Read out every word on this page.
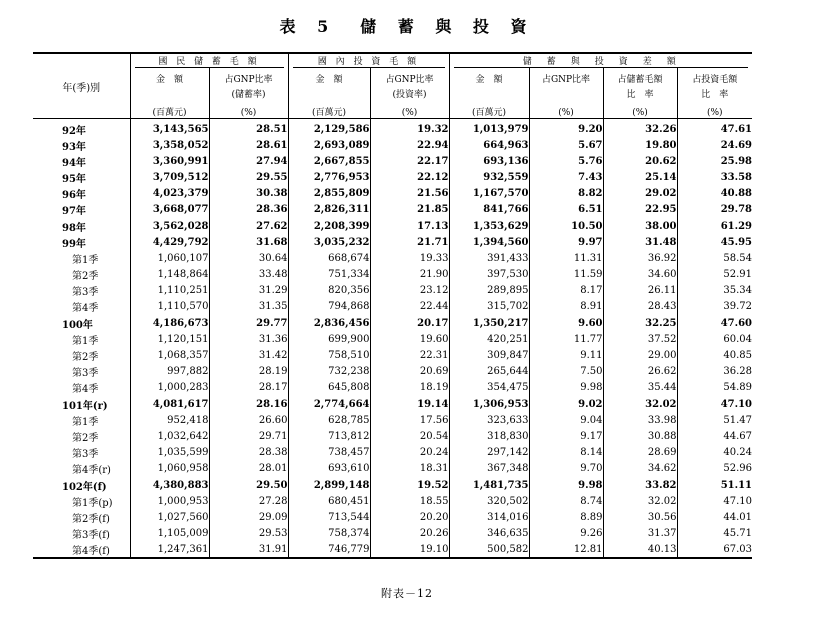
表 5　儲 蓄 與 投 資
年(季)別	國 民 儲 蓄 毛 額		國 內 投 資 毛 額		儲　蓄　與　投　資　差　額			

	金　額	占GNP比率	金　額	占GNP比率	金　額	占GNP比率	占儲蓄毛額	占投資毛額
		(儲蓄率)		(投資率)			比　率	比　率
	(百萬元)	(%)	(百萬元)	(%)	(百萬元)	(%)	(%)	(%)
92年	3,143,565	28.51	2,129,586	19.32	1,013,979	9.20	32.26	47.61
93年	3,358,052	28.61	2,693,089	22.94	664,963	5.67	19.80	24.69
94年	3,360,991	27.94	2,667,855	22.17	693,136	5.76	20.62	25.98
95年	3,709,512	29.55	2,776,953	22.12	932,559	7.43	25.14	33.58
96年	4,023,379	30.38	2,855,809	21.56	1,167,570	8.82	29.02	40.88
97年	3,668,077	28.36	2,826,311	21.85	841,766	6.51	22.95	29.78
98年	3,562,028	27.62	2,208,399	17.13	1,353,629	10.50	38.00	61.29
99年	4,429,792	31.68	3,035,232	21.71	1,394,560	9.97	31.48	45.95
第1季	1,060,107	30.64	668,674	19.33	391,433	11.31	36.92	58.54
第2季	1,148,864	33.48	751,334	21.90	397,530	11.59	34.60	52.91
第3季	1,110,251	31.29	820,356	23.12	289,895	8.17	26.11	35.34
第4季	1,110,570	31.35	794,868	22.44	315,702	8.91	28.43	39.72
100年	4,186,673	29.77	2,836,456	20.17	1,350,217	9.60	32.25	47.60
第1季	1,120,151	31.36	699,900	19.60	420,251	11.77	37.52	60.04
第2季	1,068,357	31.42	758,510	22.31	309,847	9.11	29.00	40.85
第3季	997,882	28.19	732,238	20.69	265,644	7.50	26.62	36.28
第4季	1,000,283	28.17	645,808	18.19	354,475	9.98	35.44	54.89
101年(r)	4,081,617	28.16	2,774,664	19.14	1,306,953	9.02	32.02	47.10
第1季	952,418	26.60	628,785	17.56	323,633	9.04	33.98	51.47
第2季	1,032,642	29.71	713,812	20.54	318,830	9.17	30.88	44.67
第3季	1,035,599	28.38	738,457	20.24	297,142	8.14	28.69	40.24
第4季(r)	1,060,958	28.01	693,610	18.31	367,348	9.70	34.62	52.96
102年(f)	4,380,883	29.50	2,899,148	19.52	1,481,735	9.98	33.82	51.11
第1季(p)	1,000,953	27.28	680,451	18.55	320,502	8.74	32.02	47.10
第2季(f)	1,027,560	29.09	713,544	20.20	314,016	8.89	30.56	44.01
第3季(f)	1,105,009	29.53	758,374	20.26	346,635	9.26	31.37	45.71
第4季(f)	1,247,361	31.91	746,779	19.10	500,582	12.81	40.13	67.03
附表－12
